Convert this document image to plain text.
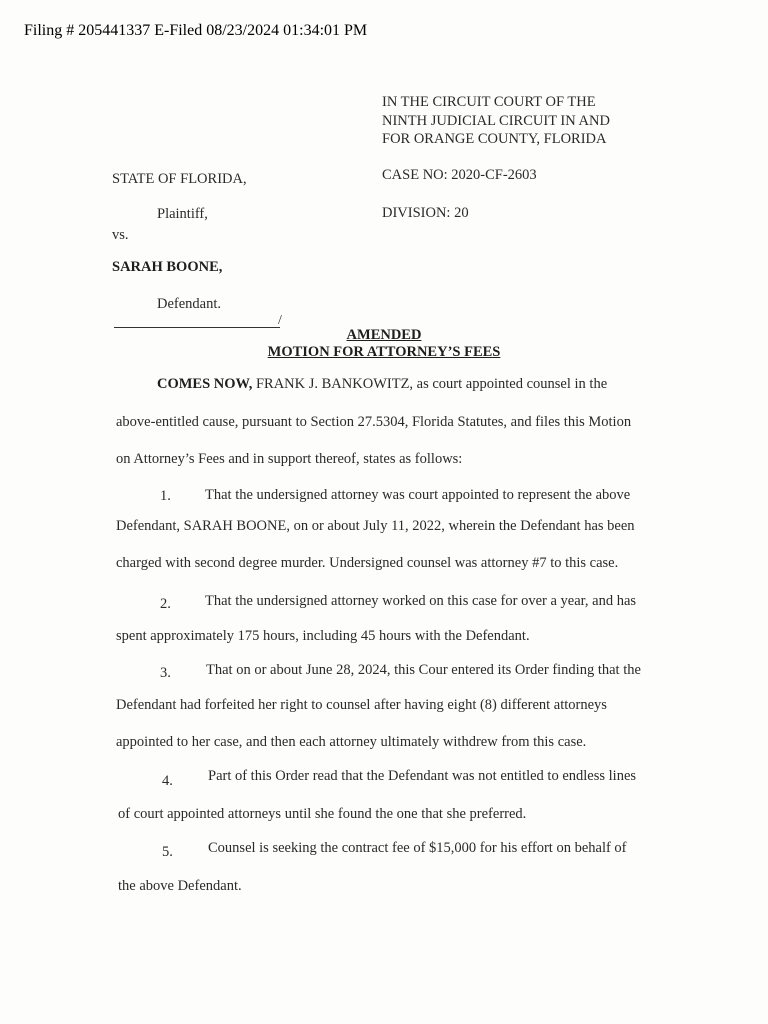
Filing # 205441337 E-Filed 08/23/2024 01:34:01 PM
IN THE CIRCUIT COURT OF THE
NINTH JUDICIAL CIRCUIT IN AND
FOR ORANGE COUNTY, FLORIDA
CASE NO: 2020-CF-2603
DIVISION: 20
STATE OF FLORIDA,
Plaintiff,
vs.
SARAH BOONE,
Defendant.
/
AMENDED
MOTION FOR ATTORNEY’S FEES
COMES NOW, FRANK J. BANKOWITZ, as court appointed counsel in the
above-entitled cause, pursuant to Section 27.5304, Florida Statutes, and files this Motion
on Attorney’s Fees and in support thereof, states as follows:
1. That the undersigned attorney was court appointed to represent the above
Defendant, SARAH BOONE, on or about July 11, 2022, wherein the Defendant has been
charged with second degree murder. Undersigned counsel was attorney #7 to this case.
2. That the undersigned attorney worked on this case for over a year, and has
spent approximately 175 hours, including 45 hours with the Defendant.
3. That on or about June 28, 2024, this Cour entered its Order finding that the
Defendant had forfeited her right to counsel after having eight (8) different attorneys
appointed to her case, and then each attorney ultimately withdrew from this case.
4. Part of this Order read that the Defendant was not entitled to endless lines
of court appointed attorneys until she found the one that she preferred.
5. Counsel is seeking the contract fee of $15,000 for his effort on behalf of
the above Defendant.
